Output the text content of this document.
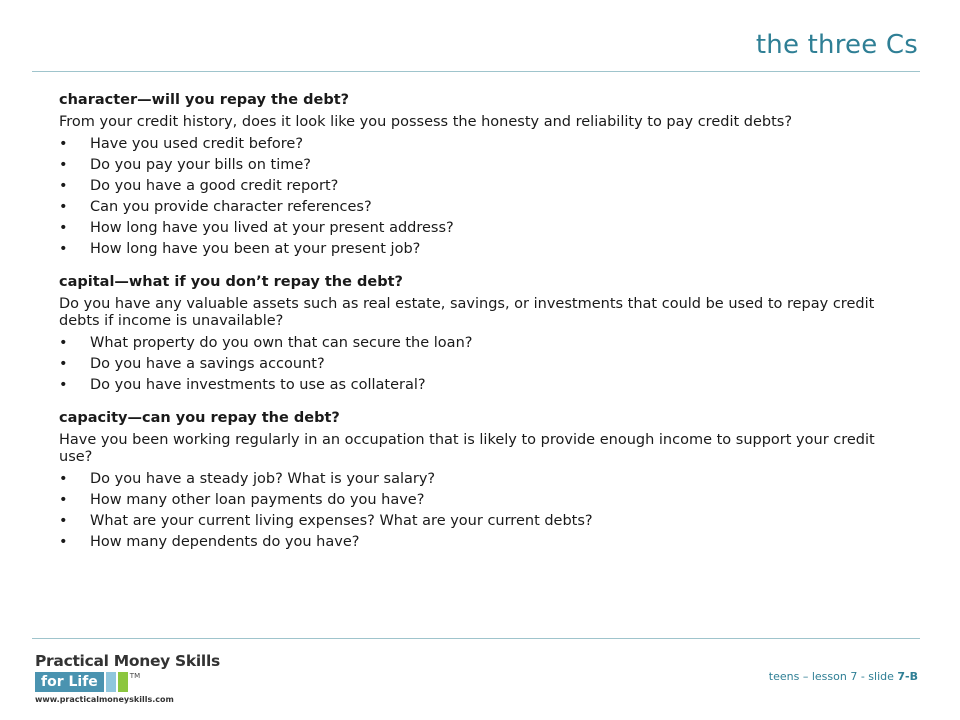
the three Cs
character—will you repay the debt?
From your credit history, does it look like you possess the honesty and reliability to pay credit debts?
• Have you used credit before?
• Do you pay your bills on time?
• Do you have a good credit report?
• Can you provide character references?
• How long have you lived at your present address?
• How long have you been at your present job?
capital—what if you don’t repay the debt?
Do you have any valuable assets such as real estate, savings, or investments that could be used to repay credit debts if income is unavailable?
• What property do you own that can secure the loan?
• Do you have a savings account?
• Do you have investments to use as collateral?
capacity—can you repay the debt?
Have you been working regularly in an occupation that is likely to provide enough income to support your credit use?
• Do you have a steady job? What is your salary?
• How many other loan payments do you have?
• What are your current living expenses? What are your current debts?
• How many dependents do you have?
Practical Money Skills
for Life	TM
www.practicalmoneyskills.com
teens – lesson 7 - slide 7-B
